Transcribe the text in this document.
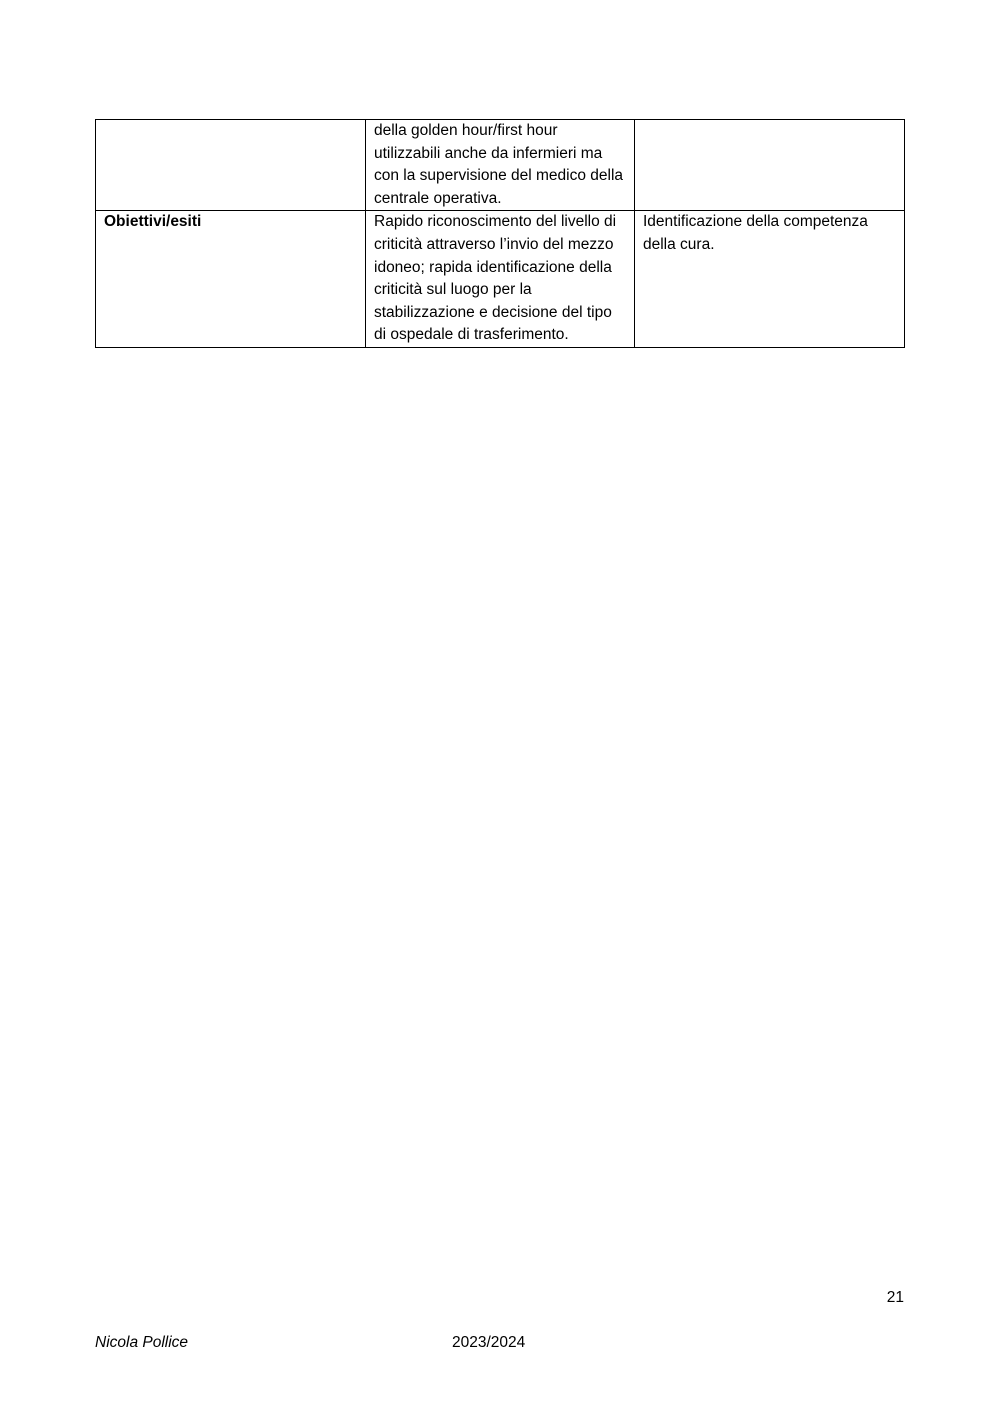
	della golden hour/first hour utilizzabili anche da infermieri ma con la supervisione del medico della centrale operativa.	
Obiettivi/esiti	Rapido riconoscimento del livello di criticità attraverso l’invio del mezzo idoneo; rapida identificazione della criticità sul luogo per la stabilizzazione e decisione del tipo di ospedale di trasferimento.	Identificazione della competenza della cura.
21
Nicola Pollice	2023/2024
